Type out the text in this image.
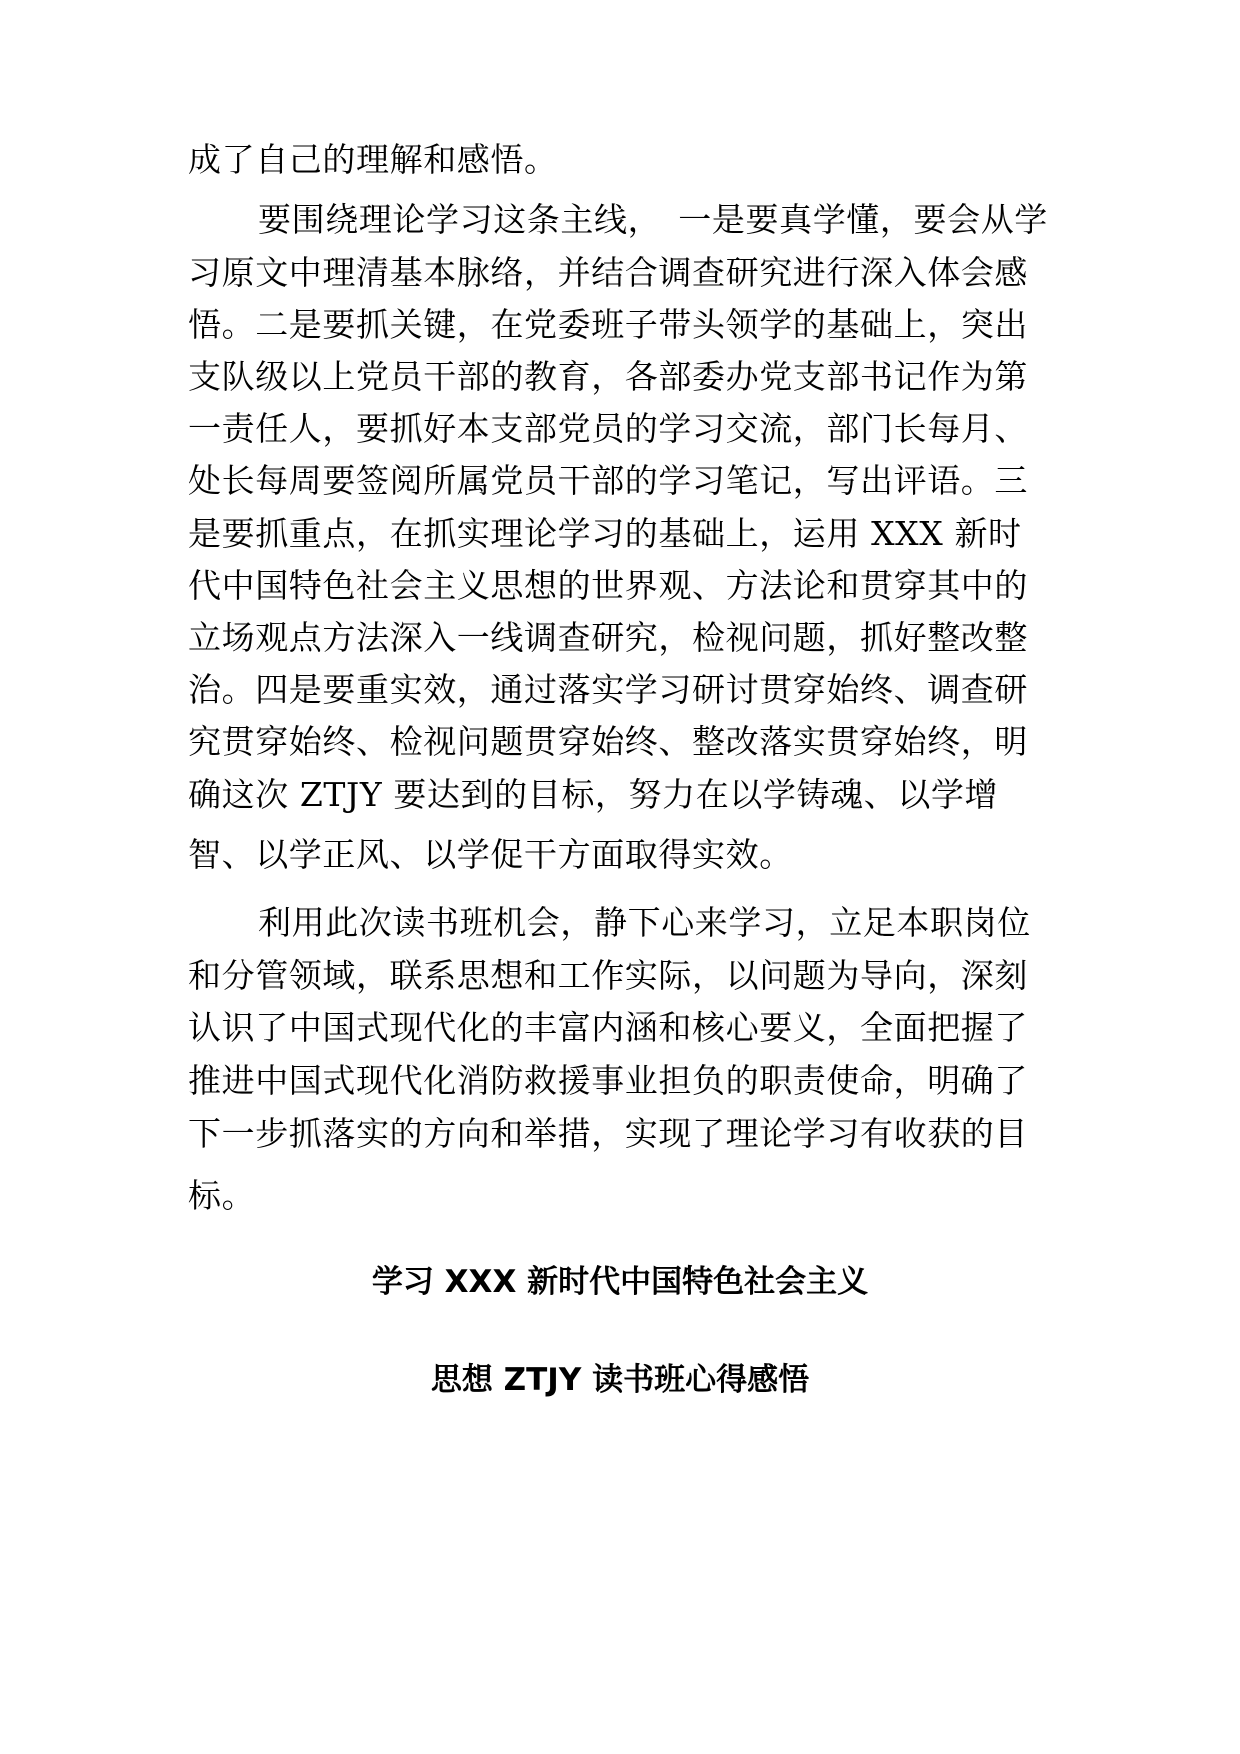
成了自己的理解和感悟。
要围绕理论学习这条主线，　一是要真学懂，要会从学
习原文中理清基本脉络，并结合调查研究进行深入体会感
悟。二是要抓关键，在党委班子带头领学的基础上，突出
支队级以上党员干部的教育，各部委办党支部书记作为第
一责任人，要抓好本支部党员的学习交流，部门长每月、
处长每周要签阅所属党员干部的学习笔记，写出评语。三
是要抓重点，在抓实理论学习的基础上，运用 XXX 新时
代中国特色社会主义思想的世界观、方法论和贯穿其中的
立场观点方法深入一线调查研究，检视问题，抓好整改整
治。四是要重实效，通过落实学习研讨贯穿始终、调查研
究贯穿始终、检视问题贯穿始终、整改落实贯穿始终，明
确这次 ZTJY 要达到的目标，努力在以学铸魂、以学增
智、以学正风、以学促干方面取得实效。
利用此次读书班机会，静下心来学习，立足本职岗位
和分管领域，联系思想和工作实际，以问题为导向，深刻
认识了中国式现代化的丰富内涵和核心要义，全面把握了
推进中国式现代化消防救援事业担负的职责使命，明确了
下一步抓落实的方向和举措，实现了理论学习有收获的目
标。
学习 XXX 新时代中国特色社会主义
思想 ZTJY 读书班心得感悟
